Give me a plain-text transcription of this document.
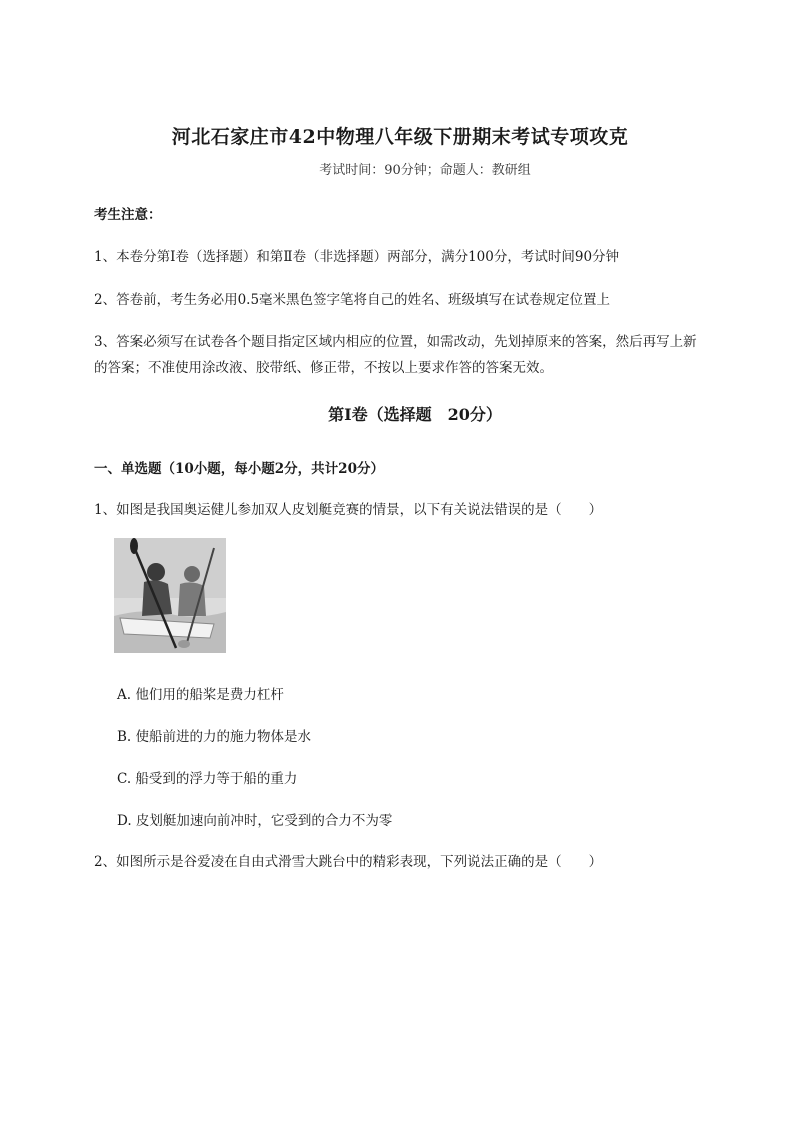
河北石家庄市42中物理八年级下册期末考试专项攻克
考试时间：90分钟；命题人：教研组
考生注意：
1、本卷分第Ⅰ卷（选择题）和第Ⅱ卷（非选择题）两部分，满分100分，考试时间90分钟
2、答卷前，考生务必用0.5毫米黑色签字笔将自己的姓名、班级填写在试卷规定位置上
3、答案必须写在试卷各个题目指定区域内相应的位置，如需改动，先划掉原来的答案，然后再写上新
的答案；不准使用涂改液、胶带纸、修正带，不按以上要求作答的答案无效。
第Ⅰ卷（选择题　20分）
一、单选题（10小题，每小题2分，共计20分）
1、如图是我国奥运健儿参加双人皮划艇竞赛的情景，以下有关说法错误的是（　　）
A. 他们用的船桨是费力杠杆
B. 使船前进的力的施力物体是水
C. 船受到的浮力等于船的重力
D. 皮划艇加速向前冲时，它受到的合力不为零
2、如图所示是谷爱凌在自由式滑雪大跳台中的精彩表现，下列说法正确的是（　　）
